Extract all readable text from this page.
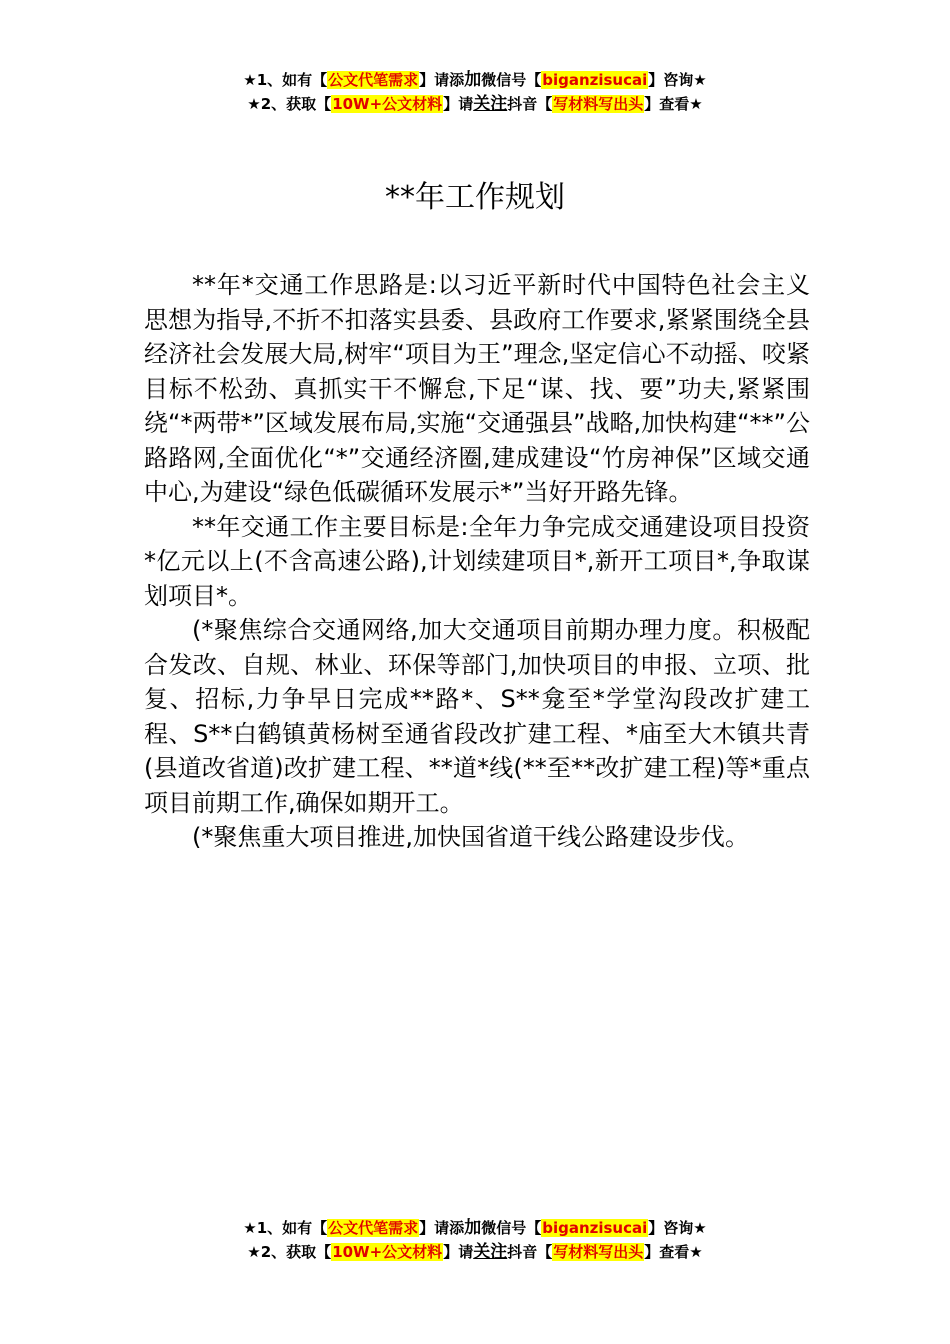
★1、如有【公文代笔需求】请添加微信号【biganzisucai】咨询★
★2、获取【10W+公文材料】请关注抖音【写材料写出头】查看★
**年工作规划

**年*交通工作思路是:以习近平新时代中国特色社会主义思想为指导,不折不扣落实县委、县政府工作要求,紧紧围绕全县经济社会发展大局,树牢“项目为王”理念,坚定信心不动摇、咬紧目标不松劲、真抓实干不懈怠,下足“谋、找、要”功夫,紧紧围绕“*两带*”区域发展布局,实施“交通强县”战略,加快构建“**”公路路网,全面优化“*”交通经济圈,建成建设“竹房神保”区域交通中心,为建设“绿色低碳循环发展示*”当好开路先锋。

**年交通工作主要目标是:全年力争完成交通建设项目投资*亿元以上(不含高速公路),计划续建项目*,新开工项目*,争取谋划项目*。

(*聚焦综合交通网络,加大交通项目前期办理力度。积极配合发改、自规、林业、环保等部门,加快项目的申报、立项、批复、招标,力争早日完成**路*、S**龛至*学堂沟段改扩建工程、S**白鹤镇黄杨树至通省段改扩建工程、*庙至大木镇共青(县道改省道)改扩建工程、**道*线(**至**改扩建工程)等*重点项目前期工作,确保如期开工。

(*聚焦重大项目推进,加快国省道干线公路建设步伐。

★1、如有【公文代笔需求】请添加微信号【biganzisucai】咨询★
★2、获取【10W+公文材料】请关注抖音【写材料写出头】查看★
